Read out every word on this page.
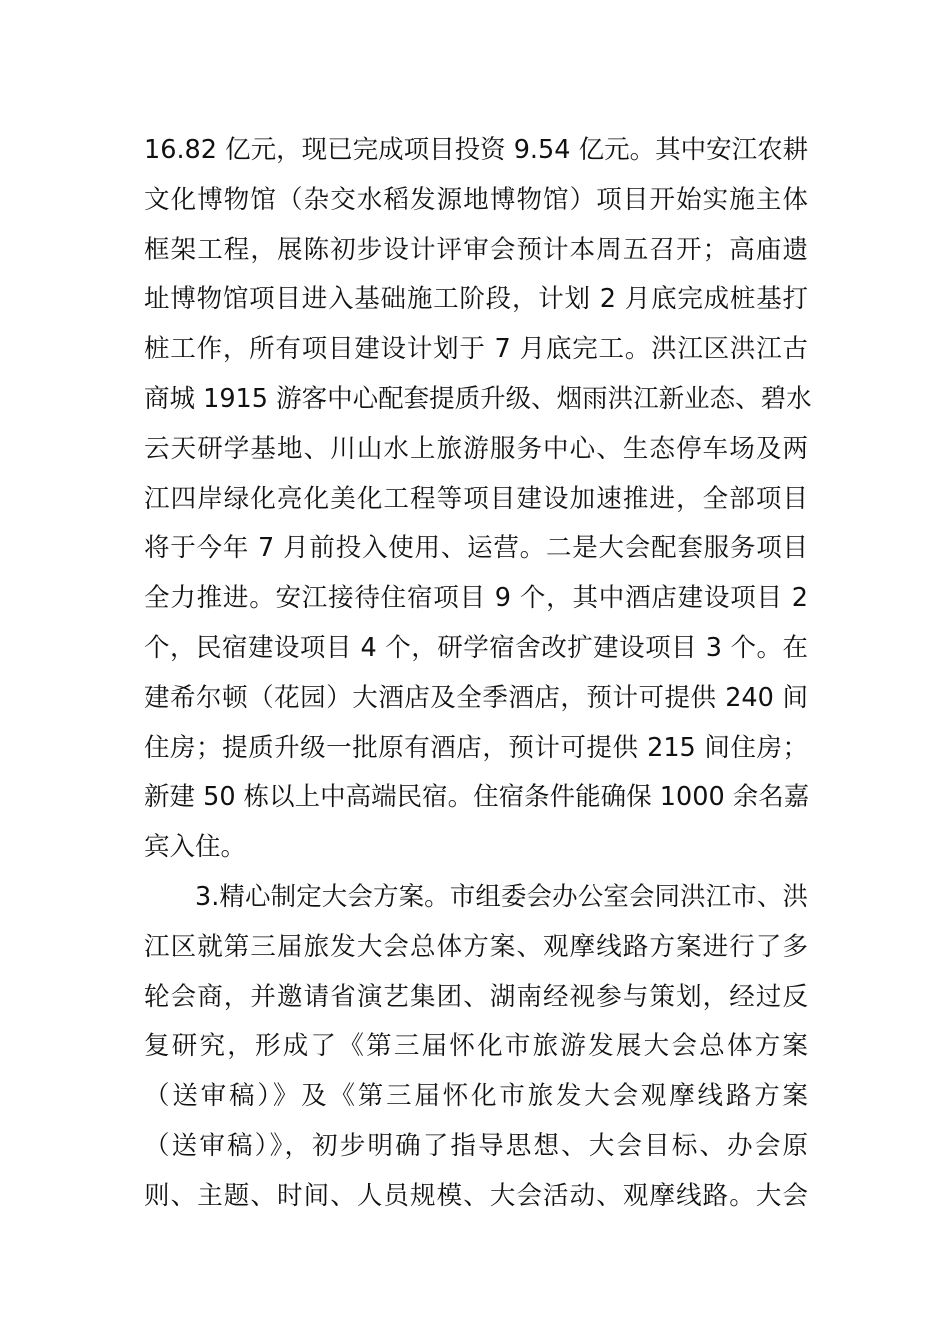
16.82 亿元，现已完成项目投资 9.54 亿元。其中安江农耕
文化博物馆（杂交水稻发源地博物馆）项目开始实施主体
框架工程，展陈初步设计评审会预计本周五召开；高庙遗
址博物馆项目进入基础施工阶段，计划 2 月底完成桩基打
桩工作，所有项目建设计划于 7 月底完工。洪江区洪江古
商城 1915 游客中心配套提质升级、烟雨洪江新业态、碧水
云天研学基地、川山水上旅游服务中心、生态停车场及两
江四岸绿化亮化美化工程等项目建设加速推进，全部项目
将于今年 7 月前投入使用、运营。二是大会配套服务项目
全力推进。安江接待住宿项目 9 个，其中酒店建设项目 2
个，民宿建设项目 4 个，研学宿舍改扩建设项目 3 个。在
建希尔顿（花园）大酒店及全季酒店，预计可提供 240 间
住房；提质升级一批原有酒店，预计可提供 215 间住房；
新建 50 栋以上中高端民宿。住宿条件能确保 1000 余名嘉
宾入住。
3.精心制定大会方案。市组委会办公室会同洪江市、洪
江区就第三届旅发大会总体方案、观摩线路方案进行了多
轮会商，并邀请省演艺集团、湖南经视参与策划，经过反
复研究，形成了《第三届怀化市旅游发展大会总体方案
（送审稿）》及《第三届怀化市旅发大会观摩线路方案
（送审稿）》，初步明确了指导思想、大会目标、办会原
则、主题、时间、人员规模、大会活动、观摩线路。大会
